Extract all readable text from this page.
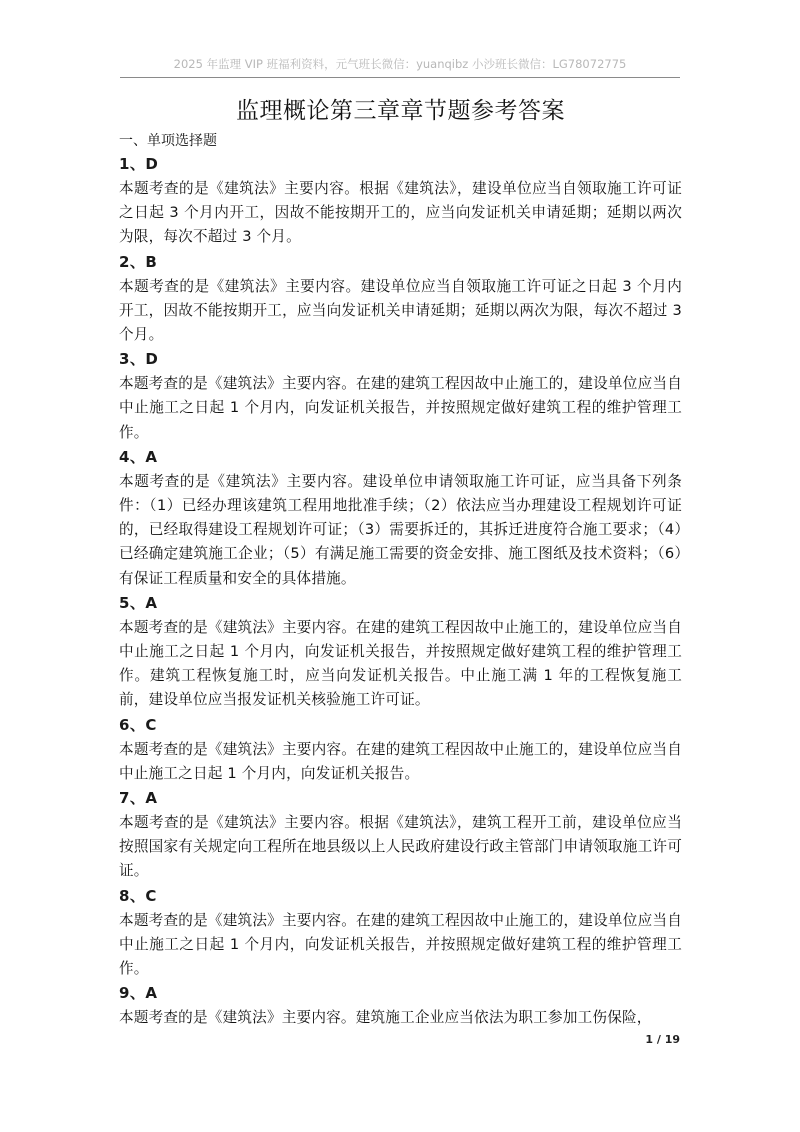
2025 年监理 VIP 班福利资料，元气班长微信：yuanqibz 小沙班长微信：LG78072775
监理概论第三章章节题参考答案
一、单项选择题
1、D
本题考查的是《建筑法》主要内容。根据《建筑法》，建设单位应当自领取施工许可证之日起 3 个月内开工，因故不能按期开工的，应当向发证机关申请延期；延期以两次为限，每次不超过 3 个月。
2、B
本题考查的是《建筑法》主要内容。建设单位应当自领取施工许可证之日起 3 个月内开工，因故不能按期开工，应当向发证机关申请延期；延期以两次为限，每次不超过 3 个月。
3、D
本题考查的是《建筑法》主要内容。在建的建筑工程因故中止施工的，建设单位应当自中止施工之日起 1 个月内，向发证机关报告，并按照规定做好建筑工程的维护管理工作。
4、A
本题考查的是《建筑法》主要内容。建设单位申请领取施工许可证，应当具备下列条件：（1）已经办理该建筑工程用地批准手续；（2）依法应当办理建设工程规划许可证的，已经取得建设工程规划许可证；（3）需要拆迁的，其拆迁进度符合施工要求；（4）已经确定建筑施工企业；（5）有满足施工需要的资金安排、施工图纸及技术资料；（6）有保证工程质量和安全的具体措施。
5、A
本题考查的是《建筑法》主要内容。在建的建筑工程因故中止施工的，建设单位应当自中止施工之日起 1 个月内，向发证机关报告，并按照规定做好建筑工程的维护管理工作。建筑工程恢复施工时，应当向发证机关报告。中止施工满 1 年的工程恢复施工前，建设单位应当报发证机关核验施工许可证。
6、C
本题考查的是《建筑法》主要内容。在建的建筑工程因故中止施工的，建设单位应当自中止施工之日起 1 个月内，向发证机关报告。
7、A
本题考查的是《建筑法》主要内容。根据《建筑法》，建筑工程开工前，建设单位应当按照国家有关规定向工程所在地县级以上人民政府建设行政主管部门申请领取施工许可证。
8、C
本题考查的是《建筑法》主要内容。在建的建筑工程因故中止施工的，建设单位应当自中止施工之日起 1 个月内，向发证机关报告，并按照规定做好建筑工程的维护管理工作。
9、A
本题考查的是《建筑法》主要内容。建筑施工企业应当依法为职工参加工伤保险，
1 / 19
